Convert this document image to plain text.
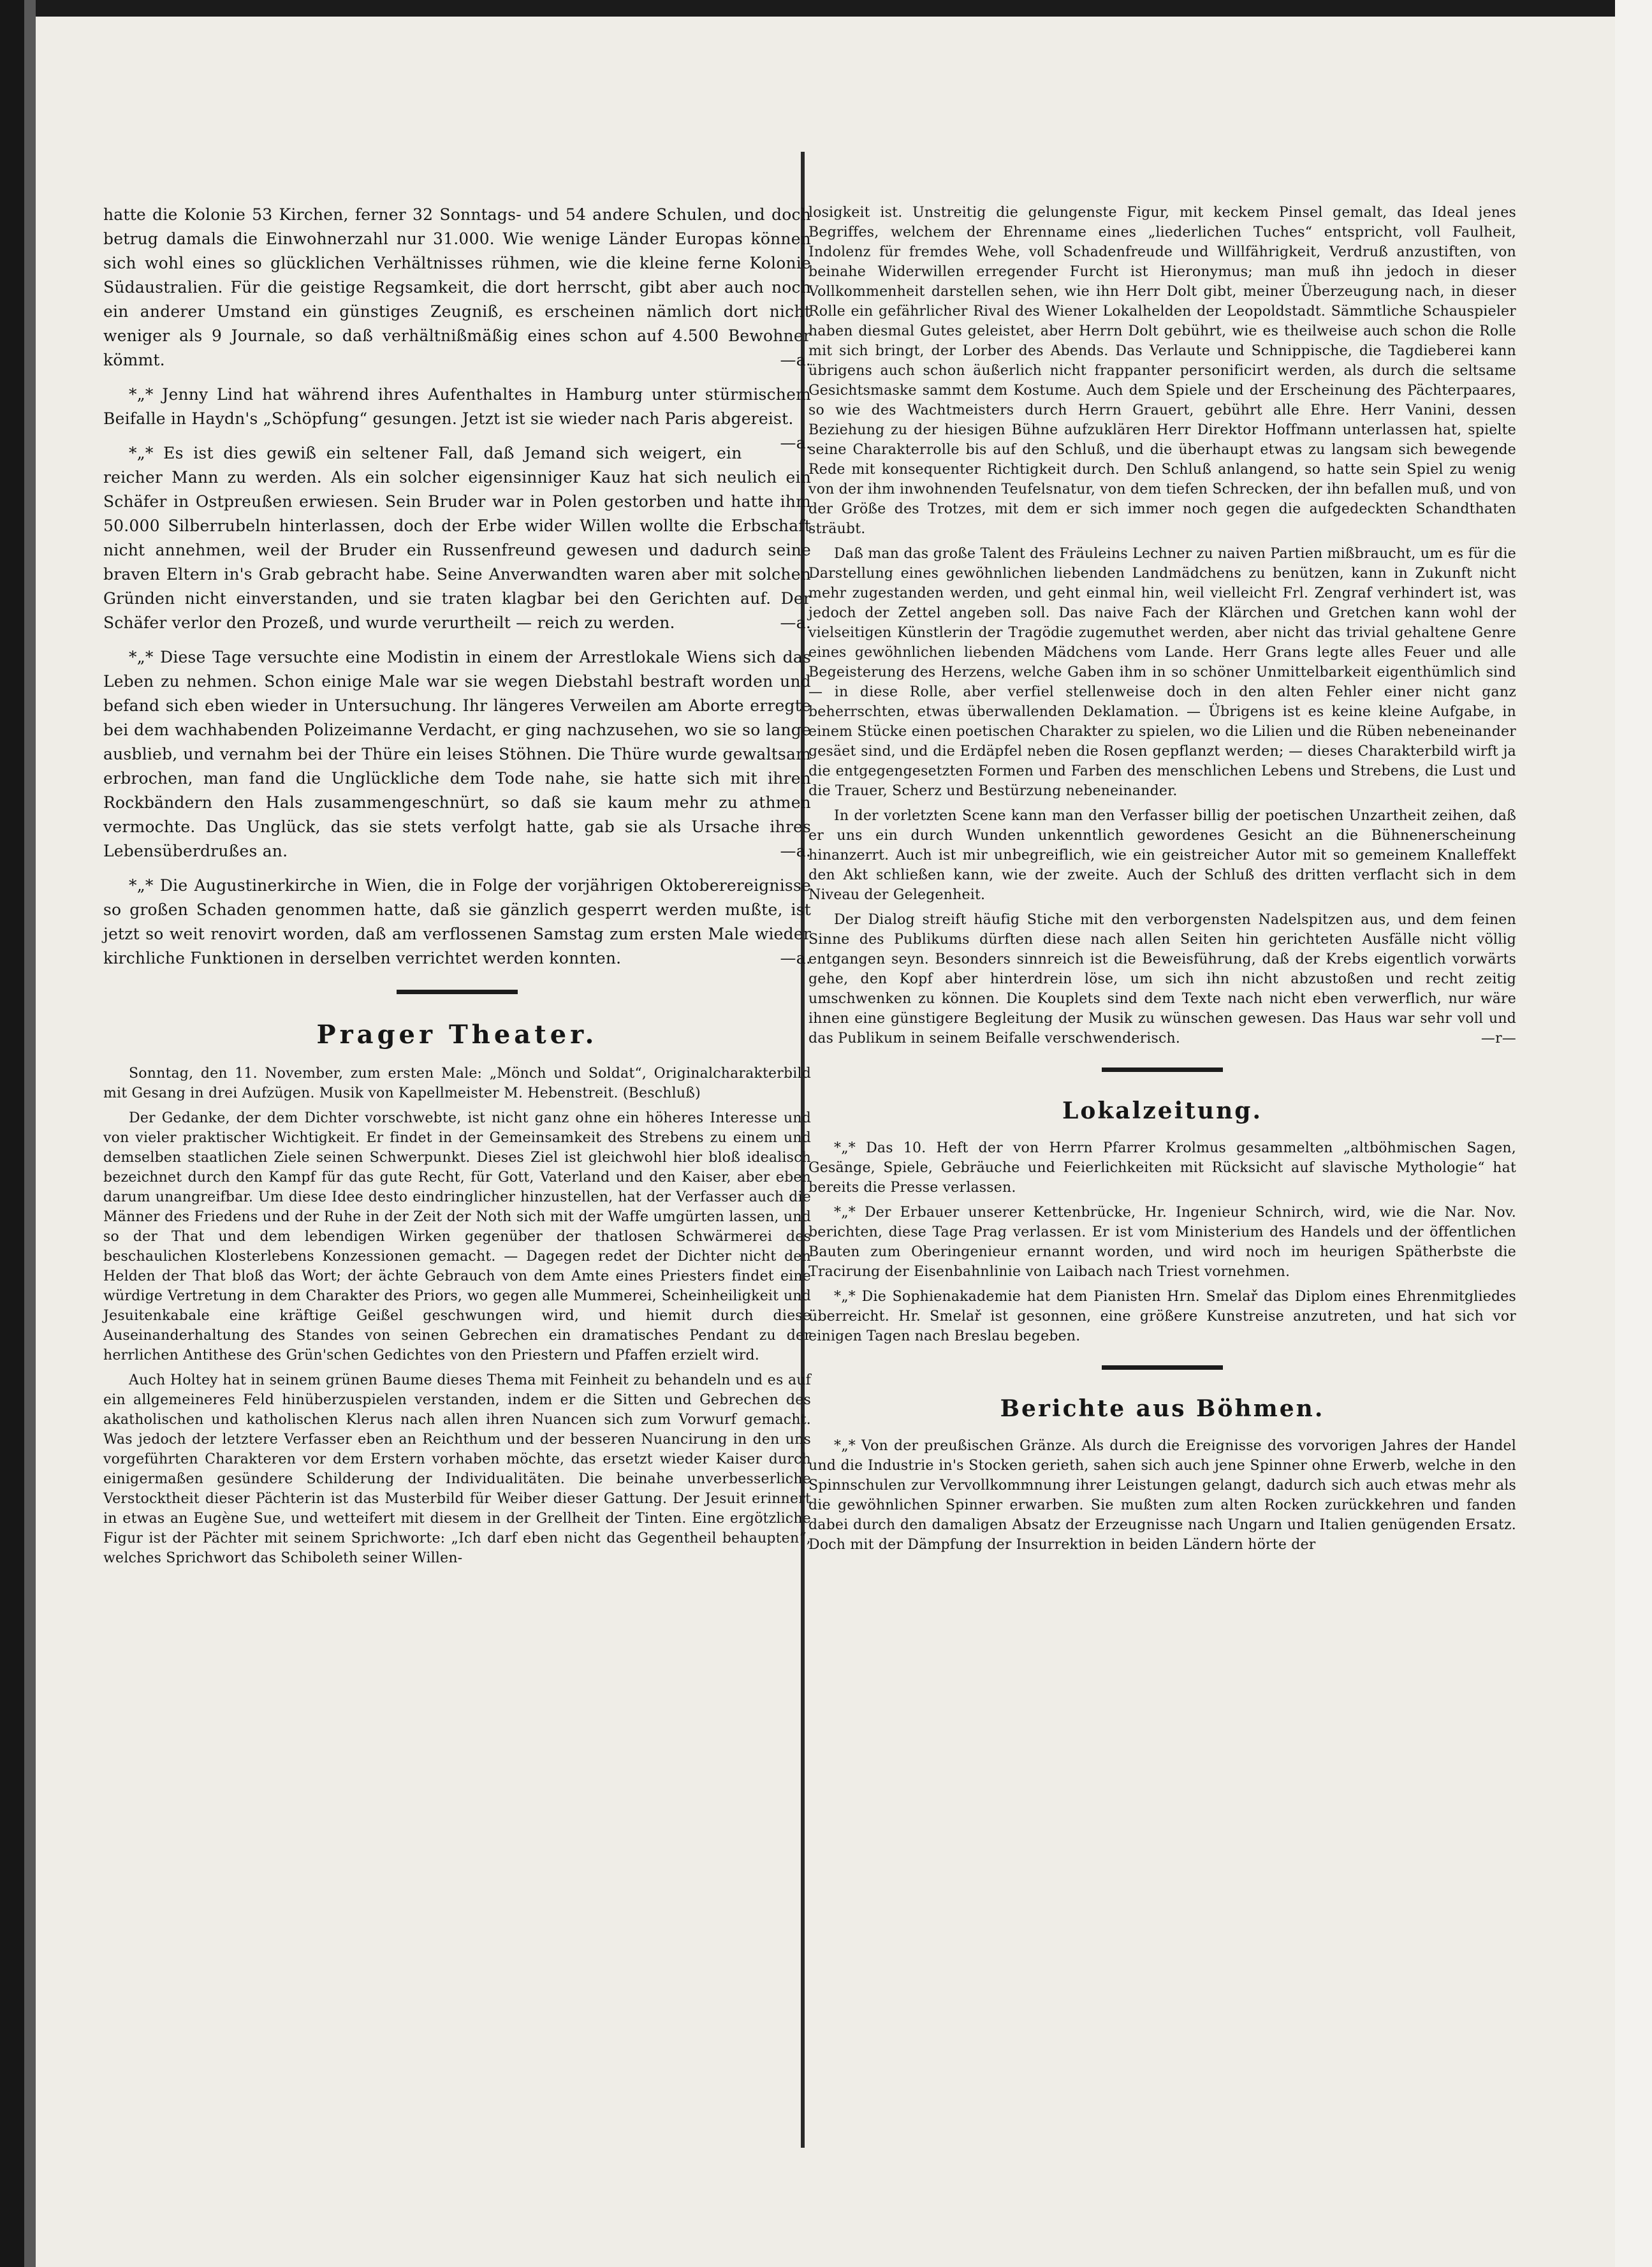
hatte die Kolonie 53 Kirchen, ferner 32 Sonntags- und 54 andere Schulen, und doch betrug damals die Einwohnerzahl nur 31.000. Wie wenige Länder Europas können sich wohl eines so glücklichen Verhältnisses rühmen, wie die kleine ferne Kolonie Südaustralien. Für die geistige Regsamkeit, die dort herrscht, gibt aber auch noch ein anderer Umstand ein günstiges Zeugniß, es erscheinen nämlich dort nicht weniger als 9 Journale, so daß verhältnißmäßig eines schon auf 4.500 Bewohner kömmt.	—a.

*„* Jenny Lind hat während ihres Aufenthaltes in Hamburg unter stürmischem Beifalle in Haydn's „Schöpfung“ gesungen. Jetzt ist sie wieder nach Paris abgereist.
—a.

*„* Es ist dies gewiß ein seltener Fall, daß Jemand sich weigert, ein reicher Mann zu werden. Als ein solcher eigensinniger Kauz hat sich neulich ein Schäfer in Ostpreußen erwiesen. Sein Bruder war in Polen gestorben und hatte ihm 50.000 Silberrubeln hinterlassen, doch der Erbe wider Willen wollte die Erbschaft nicht annehmen, weil der Bruder ein Russenfreund gewesen und dadurch seine braven Eltern in's Grab gebracht habe. Seine Anverwandten waren aber mit solchen Gründen nicht einverstanden, und sie traten klagbar bei den Gerichten auf. Der Schäfer verlor den Prozeß, und wurde verurtheilt — reich zu werden.	—a.

*„* Diese Tage versuchte eine Modistin in einem der Arrestlokale Wiens sich das Leben zu nehmen. Schon einige Male war sie wegen Diebstahl bestraft worden und befand sich eben wieder in Untersuchung. Ihr längeres Verweilen am Aborte erregte bei dem wachhabenden Polizeimanne Verdacht, er ging nachzusehen, wo sie so lange ausblieb, und vernahm bei der Thüre ein leises Stöhnen. Die Thüre wurde gewaltsam erbrochen, man fand die Unglückliche dem Tode nahe, sie hatte sich mit ihren Rockbändern den Hals zusammengeschnürt, so daß sie kaum mehr zu athmen vermochte. Das Unglück, das sie stets verfolgt hatte, gab sie als Ursache ihres Lebensüberdrußes an.	—a.

*„* Die Augustinerkirche in Wien, die in Folge der vorjährigen Oktoberereignisse so großen Schaden genommen hatte, daß sie gänzlich gesperrt werden mußte, ist jetzt so weit renovirt worden, daß am verflossenen Samstag zum ersten Male wieder kirchliche Funktionen in derselben verrichtet werden konnten.	—a.

Prager Theater.

Sonntag, den 11. November, zum ersten Male: „Mönch und Soldat“, Originalcharakterbild mit Gesang in drei Aufzügen. Musik von Kapellmeister M. Hebenstreit. (Beschluß)

Der Gedanke, der dem Dichter vorschwebte, ist nicht ganz ohne ein höheres Interesse und von vieler praktischer Wichtigkeit. Er findet in der Gemeinsamkeit des Strebens zu einem und demselben staatlichen Ziele seinen Schwerpunkt. Dieses Ziel ist gleichwohl hier bloß idealisch bezeichnet durch den Kampf für das gute Recht, für Gott, Vaterland und den Kaiser, aber eben darum unangreifbar. Um diese Idee desto eindringlicher hinzustellen, hat der Verfasser auch die Männer des Friedens und der Ruhe in der Zeit der Noth sich mit der Waffe umgürten lassen, und so der That und dem lebendigen Wirken gegenüber der thatlosen Schwärmerei des beschaulichen Klosterlebens Konzessionen gemacht. — Dagegen redet der Dichter nicht den Helden der That bloß das Wort; der ächte Gebrauch von dem Amte eines Priesters findet eine würdige Vertretung in dem Charakter des Priors, wo gegen alle Mummerei, Scheinheiligkeit und Jesuitenkabale eine kräftige Geißel geschwungen wird, und hiemit durch diese Auseinanderhaltung des Standes von seinen Gebrechen ein dramatisches Pendant zu der herrlichen Antithese des Grün'schen Gedichtes von den Priestern und Pfaffen erzielt wird.

Auch Holtey hat in seinem grünen Baume dieses Thema mit Feinheit zu behandeln und es auf ein allgemeineres Feld hinüberzuspielen verstanden, indem er die Sitten und Gebrechen des akatholischen und katholischen Klerus nach allen ihren Nuancen sich zum Vorwurf gemacht. Was jedoch der letztere Verfasser eben an Reichthum und der besseren Nuancirung in den uns vorgeführten Charakteren vor dem Erstern vorhaben möchte, das ersetzt wieder Kaiser durch einigermaßen gesündere Schilderung der Individualitäten. Die beinahe unverbesserliche Verstocktheit dieser Pächterin ist das Musterbild für Weiber dieser Gattung. Der Jesuit erinnert in etwas an Eugène Sue, und wetteifert mit diesem in der Grellheit der Tinten. Eine ergötzliche Figur ist der Pächter mit seinem Sprichworte: „Ich darf eben nicht das Gegentheil behaupten“, welches Sprichwort das Schiboleth seiner Willen-

losigkeit ist. Unstreitig die gelungenste Figur, mit keckem Pinsel gemalt, das Ideal jenes Begriffes, welchem der Ehrenname eines „liederlichen Tuches“ entspricht, voll Faulheit, Indolenz für fremdes Wehe, voll Schadenfreude und Willfährigkeit, Verdruß anzustiften, von beinahe Widerwillen erregender Furcht ist Hieronymus; man muß ihn jedoch in dieser Vollkommenheit darstellen sehen, wie ihn Herr Dolt gibt, meiner Überzeugung nach, in dieser Rolle ein gefährlicher Rival des Wiener Lokalhelden der Leopoldstadt. Sämmtliche Schauspieler haben diesmal Gutes geleistet, aber Herrn Dolt gebührt, wie es theilweise auch schon die Rolle mit sich bringt, der Lorber des Abends. Das Verlaute und Schnippische, die Tagdieberei kann übrigens auch schon äußerlich nicht frappanter personificirt werden, als durch die seltsame Gesichtsmaske sammt dem Kostume. Auch dem Spiele und der Erscheinung des Pächterpaares, so wie des Wachtmeisters durch Herrn Grauert, gebührt alle Ehre. Herr Vanini, dessen Beziehung zu der hiesigen Bühne aufzuklären Herr Direktor Hoffmann unterlassen hat, spielte seine Charakterrolle bis auf den Schluß, und die überhaupt etwas zu langsam sich bewegende Rede mit konsequenter Richtigkeit durch. Den Schluß anlangend, so hatte sein Spiel zu wenig von der ihm inwohnenden Teufelsnatur, von dem tiefen Schrecken, der ihn befallen muß, und von der Größe des Trotzes, mit dem er sich immer noch gegen die aufgedeckten Schandthaten sträubt.

Daß man das große Talent des Fräuleins Lechner zu naiven Partien mißbraucht, um es für die Darstellung eines gewöhnlichen liebenden Landmädchens zu benützen, kann in Zukunft nicht mehr zugestanden werden, und geht einmal hin, weil vielleicht Frl. Zengraf verhindert ist, was jedoch der Zettel angeben soll. Das naive Fach der Klärchen und Gretchen kann wohl der vielseitigen Künstlerin der Tragödie zugemuthet werden, aber nicht das trivial gehaltene Genre eines gewöhnlichen liebenden Mädchens vom Lande. Herr Grans legte alles Feuer und alle Begeisterung des Herzens, welche Gaben ihm in so schöner Unmittelbarkeit eigenthümlich sind — in diese Rolle, aber verfiel stellenweise doch in den alten Fehler einer nicht ganz beherrschten, etwas überwallenden Deklamation. — Übrigens ist es keine kleine Aufgabe, in einem Stücke einen poetischen Charakter zu spielen, wo die Lilien und die Rüben nebeneinander gesäet sind, und die Erdäpfel neben die Rosen gepflanzt werden; — dieses Charakterbild wirft ja die entgegengesetzten Formen und Farben des menschlichen Lebens und Strebens, die Lust und die Trauer, Scherz und Bestürzung nebeneinander.

In der vorletzten Scene kann man den Verfasser billig der poetischen Unzartheit zeihen, daß er uns ein durch Wunden unkenntlich gewordenes Gesicht an die Bühnenerscheinung hinanzerrt. Auch ist mir unbegreiflich, wie ein geistreicher Autor mit so gemeinem Knalleffekt den Akt schließen kann, wie der zweite. Auch der Schluß des dritten verflacht sich in dem Niveau der Gelegenheit.

Der Dialog streift häufig Stiche mit den verborgensten Nadelspitzen aus, und dem feinen Sinne des Publikums dürften diese nach allen Seiten hin gerichteten Ausfälle nicht völlig entgangen seyn. Besonders sinnreich ist die Beweisführung, daß der Krebs eigentlich vorwärts gehe, den Kopf aber hinterdrein löse, um sich ihn nicht abzustoßen und recht zeitig umschwenken zu können. Die Kouplets sind dem Texte nach nicht eben verwerflich, nur wäre ihnen eine günstigere Begleitung der Musik zu wünschen gewesen. Das Haus war sehr voll und das Publikum in seinem Beifalle verschwenderisch.	—r—

Lokalzeitung.

*„* Das 10. Heft der von Herrn Pfarrer Krolmus gesammelten „altböhmischen Sagen, Gesänge, Spiele, Gebräuche und Feierlichkeiten mit Rücksicht auf slavische Mythologie“ hat bereits die Presse verlassen.

*„* Der Erbauer unserer Kettenbrücke, Hr. Ingenieur Schnirch, wird, wie die Nar. Nov. berichten, diese Tage Prag verlassen. Er ist vom Ministerium des Handels und der öffentlichen Bauten zum Oberingenieur ernannt worden, und wird noch im heurigen Spätherbste die Tracirung der Eisenbahnlinie von Laibach nach Triest vornehmen.

*„* Die Sophienakademie hat dem Pianisten Hrn. Smelař das Diplom eines Ehrenmitgliedes überreicht. Hr. Smelař ist gesonnen, eine größere Kunstreise anzutreten, und hat sich vor einigen Tagen nach Breslau begeben.

Berichte aus Böhmen.

*„* Von der preußischen Gränze. Als durch die Ereignisse des vorvorigen Jahres der Handel und die Industrie in's Stocken gerieth, sahen sich auch jene Spinner ohne Erwerb, welche in den Spinnschulen zur Vervollkommnung ihrer Leistungen gelangt, dadurch sich auch etwas mehr als die gewöhnlichen Spinner erwarben. Sie mußten zum alten Rocken zurückkehren und fanden dabei durch den damaligen Absatz der Erzeugnisse nach Ungarn und Italien genügenden Ersatz. Doch mit der Dämpfung der Insurrektion in beiden Ländern hörte der
